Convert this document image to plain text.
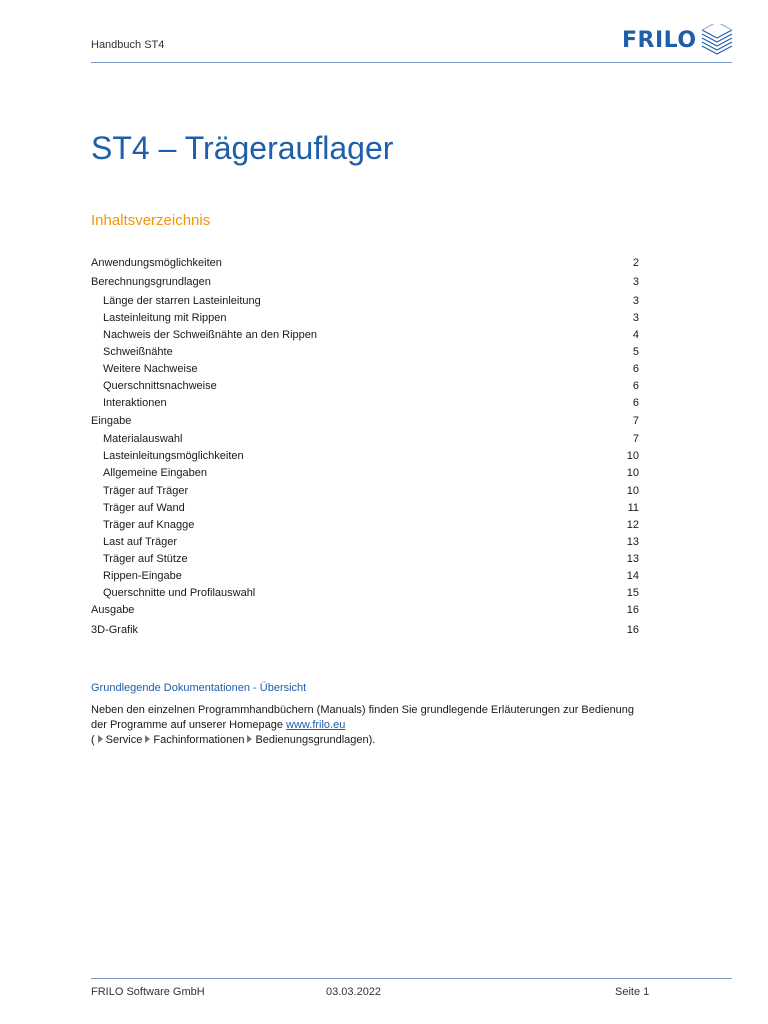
Handbuch ST4	FRILO
ST4 – Trägerauflager
Inhaltsverzeichnis
Anwendungsmöglichkeiten	2
Berechnungsgrundlagen	3
Länge der starren Lasteinleitung	3
Lasteinleitung mit Rippen	3
Nachweis der Schweißnähte an den Rippen	4
Schweißnähte	5
Weitere Nachweise	6
Querschnittsnachweise	6
Interaktionen	6
Eingabe	7
Materialauswahl	7
Lasteinleitungsmöglichkeiten	10
Allgemeine Eingaben	10
Träger auf Träger	10
Träger auf Wand	11
Träger auf Knagge	12
Last auf Träger	13
Träger auf Stütze	13
Rippen-Eingabe	14
Querschnitte und Profilauswahl	15
Ausgabe	16
3D-Grafik	16
Grundlegende Dokumentationen - Übersicht
Neben den einzelnen Programmhandbüchern (Manuals) finden Sie grundlegende Erläuterungen zur Bedienung
der Programme auf unserer Homepage www.frilo.eu
( Service Fachinformationen Bedienungsgrundlagen).
FRILO Software GmbH	03.03.2022	Seite 1
